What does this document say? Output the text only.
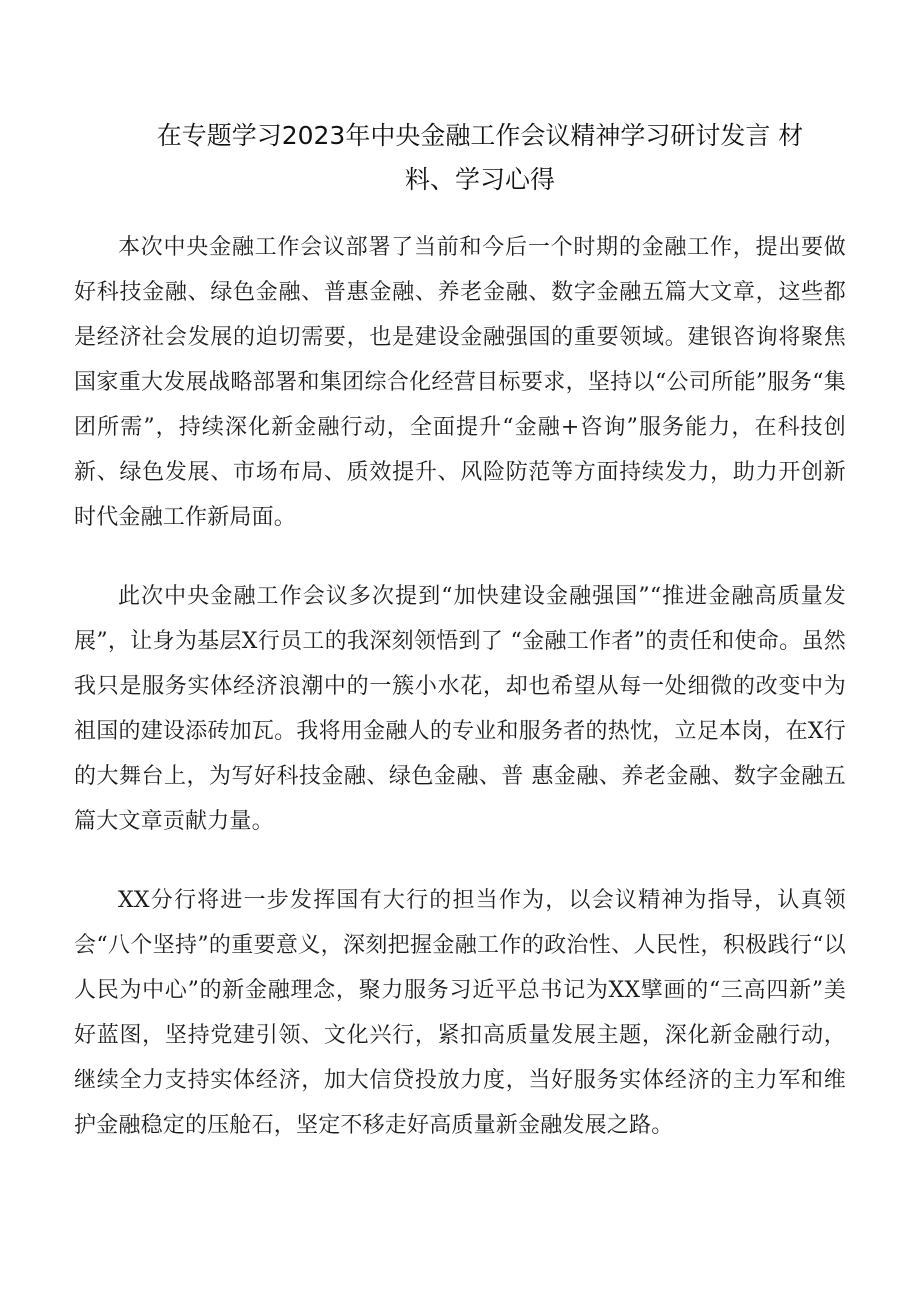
在专题学习2023年中央金融工作会议精神学习研讨发言 材
料、学习心得

本次中央金融工作会议部署了当前和今后一个时期的金融工作，提出要做好科技金融、绿色金融、普惠金融、养老金融、数字金融五篇大文章，这些都是经济社会发展的迫切需要，也是建设金融强国的重要领域。建银咨询将聚焦国家重大发展战略部署和集团综合化经营目标要求，坚持以“公司所能”服务“集团所需”，持续深化新金融行动，全面提升“金融+咨询”服务能力，在科技创新、绿色发展、市场布局、质效提升、风险防范等方面持续发力，助力开创新时代金融工作新局面。

此次中央金融工作会议多次提到“加快建设金融强国”“推进金融高质量发展”，让身为基层X行员工的我深刻领悟到了 “金融工作者”的责任和使命。虽然我只是服务实体经济浪潮中的一簇小水花，却也希望从每一处细微的改变中为祖国的建设添砖加瓦。我将用金融人的专业和服务者的热忱，立足本岗，在X行的大舞台上，为写好科技金融、绿色金融、普 惠金融、养老金融、数字金融五篇大文章贡献力量。

XX分行将进一步发挥国有大行的担当作为，以会议精神为指导，认真领会“八个坚持”的重要意义，深刻把握金融工作的政治性、人民性，积极践行“以人民为中心”的新金融理念，聚力服务习近平总书记为XX擘画的“三高四新”美好蓝图，坚持党建引领、文化兴行，紧扣高质量发展主题，深化新金融行动，继续全力支持实体经济，加大信贷投放力度，当好服务实体经济的主力军和维护金融稳定的压舱石，坚定不移走好高质量新金融发展之路。
